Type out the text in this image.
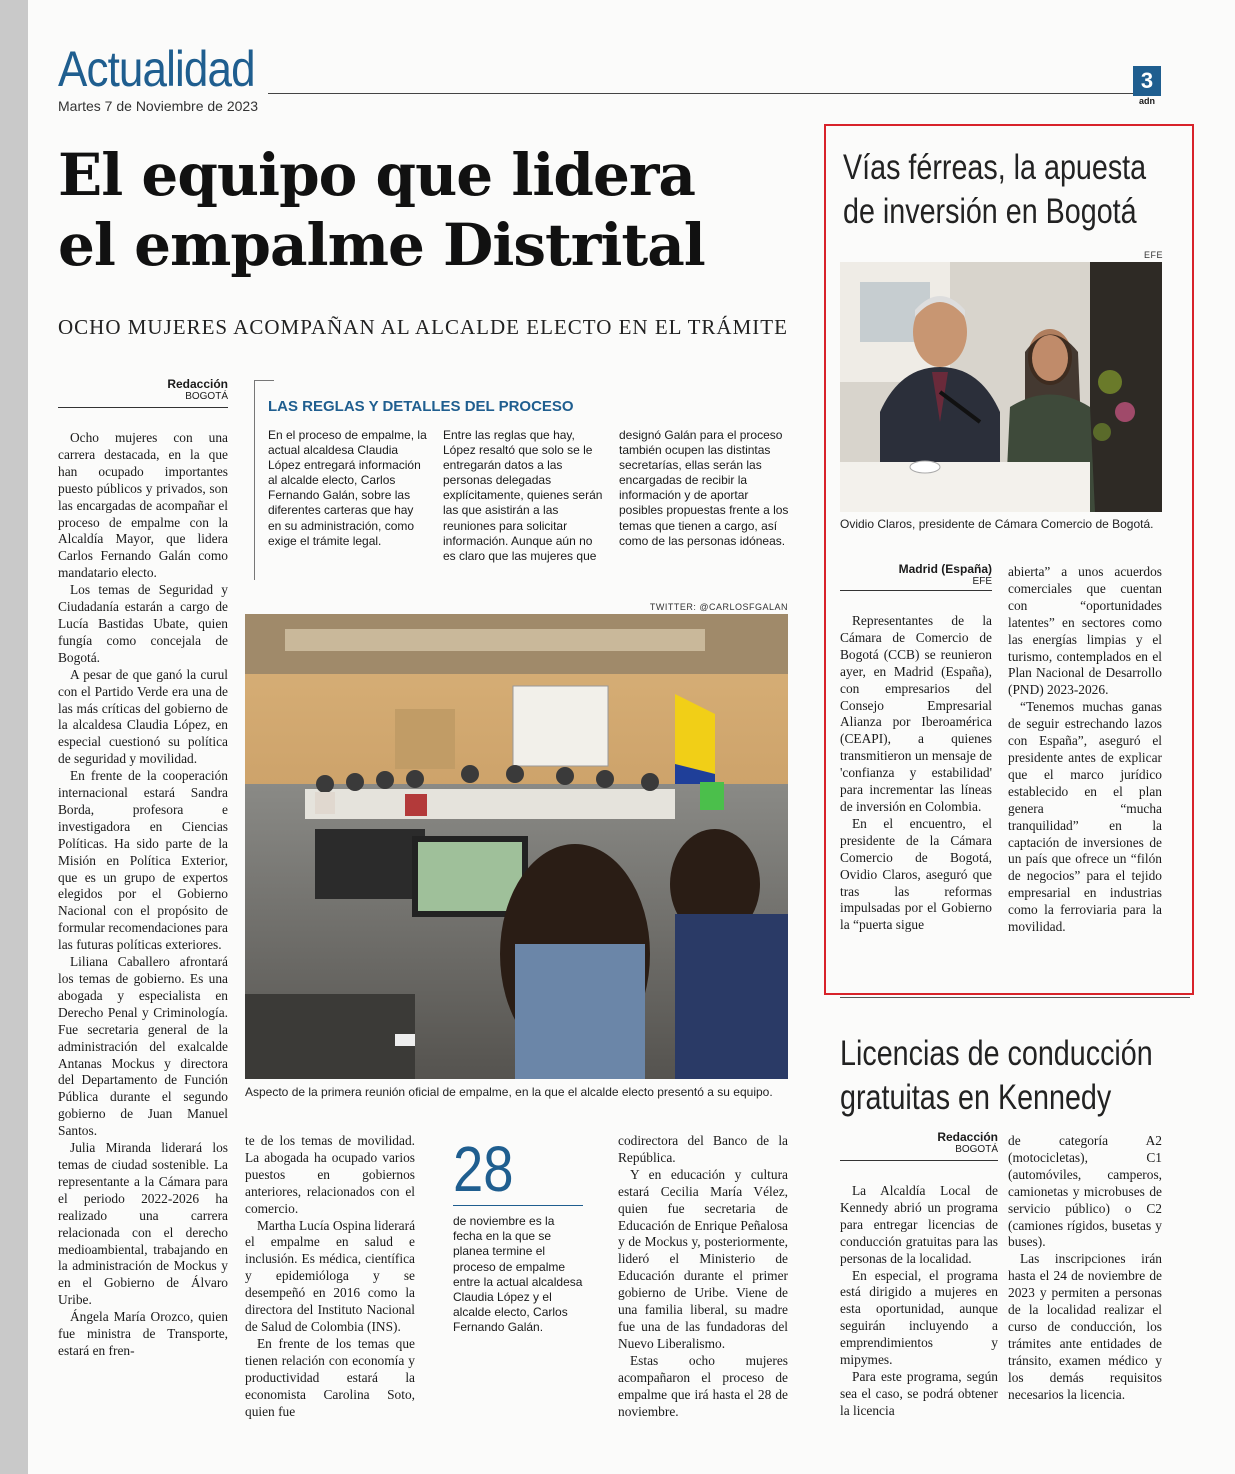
Actualidad
Martes 7 de Noviembre de 2023
3
adn
El equipo que lidera
el empalme Distrital
OCHO MUJERES ACOMPAÑAN AL ALCALDE ELECTO EN EL TRÁMITE
Redacción
BOGOTÁ

Ocho mujeres con una carrera destacada, en la que han ocupado importantes puesto públicos y privados, son las encargadas de acompañar el proceso de empalme con la Alcaldía Mayor, que lidera Carlos Fernando Galán como mandatario electo.

Los temas de Seguridad y Ciudadanía estarán a cargo de Lucía Bastidas Ubate, quien fungía como concejala de Bogotá.

A pesar de que ganó la curul con el Partido Verde era una de las más críticas del gobierno de la alcaldesa Claudia López, en especial cuestionó su política de seguridad y movilidad.

En frente de la cooperación internacional estará Sandra Borda, profesora e investigadora en Ciencias Políticas. Ha sido parte de la Misión en Política Exterior, que es un grupo de expertos elegidos por el Gobierno Nacional con el propósito de formular recomendaciones para las futuras políticas exteriores.

Liliana Caballero afrontará los temas de gobierno. Es una abogada y especialista en Derecho Penal y Criminología. Fue secretaria general de la administración del exalcalde Antanas Mockus y directora del Departamento de Función Pública durante el segundo gobierno de Juan Manuel Santos.

Julia Miranda liderará los temas de ciudad sostenible. La representante a la Cámara para el periodo 2022-2026 ha realizado una carrera relacionada con el derecho medioambiental, trabajando en la administración de Mockus y en el Gobierno de Álvaro Uribe.

Ángela María Orozco, quien fue ministra de Transporte, estará en fren-

LAS REGLAS Y DETALLES DEL PROCESO
En el proceso de empalme, la actual alcaldesa Claudia López entregará información al alcalde electo, Carlos Fernando Galán, sobre las diferentes carteras que hay en su administración, como exige el trámite legal.
Entre las reglas que hay, López resaltó que solo se le entregarán datos a las personas delegadas explícitamente, quienes serán las que asistirán a las reuniones para solicitar información. Aunque aún no es claro que las mujeres que
designó Galán para el proceso también ocupen las distintas secretarías, ellas serán las encargadas de recibir la información y de aportar posibles propuestas frente a los temas que tienen a cargo, así como de las personas idóneas.
TWITTER: @CARLOSFGALAN
Aspecto de la primera reunión oficial de empalme, en la que el alcalde electo presentó a su equipo.

te de los temas de movilidad. La abogada ha ocupado varios puestos en gobiernos anteriores, relacionados con el comercio.

Martha Lucía Ospina liderará el empalme en salud e inclusión. Es médica, científica y epidemióloga y se desempeñó en 2016 como la directora del Instituto Nacional de Salud de Colombia (INS).

En frente de los temas que tienen relación con economía y productividad estará la economista Carolina Soto, quien fue

28
de noviembre es la fecha en la que se planea termine el proceso de empalme entre la actual alcaldesa Claudia López y el alcalde electo, Carlos Fernando Galán.

codirectora del Banco de la República.

Y en educación y cultura estará Cecilia María Vélez, quien fue secretaria de Educación de Enrique Peñalosa y de Mockus y, posteriormente, lideró el Ministerio de Educación durante el primer gobierno de Uribe. Viene de una familia liberal, su madre fue una de las fundadoras del Nuevo Liberalismo.

Estas ocho mujeres acompañaron el proceso de empalme que irá hasta el 28 de noviembre.

Vías férreas, la apuesta
de inversión en Bogotá
EFE
Ovidio Claros, presidente de Cámara Comercio de Bogotá.
Madrid (España)
EFE

Representantes de la Cámara de Comercio de Bogotá (CCB) se reunieron ayer, en Madrid (España), con empresarios del Consejo Empresarial Alianza por Iberoamérica (CEAPI), a quienes transmitieron un mensaje de 'confianza y estabilidad' para incrementar las líneas de inversión en Colombia.

En el encuentro, el presidente de la Cámara Comercio de Bogotá, Ovidio Claros, aseguró que tras las reformas impulsadas por el Gobierno la “puerta sigue

abierta” a unos acuerdos comerciales que cuentan con “oportunidades latentes” en sectores como las energías limpias y el turismo, contemplados en el Plan Nacional de Desarrollo (PND) 2023-2026.

“Tenemos muchas ganas de seguir estrechando lazos con España”, aseguró el presidente antes de explicar que el marco jurídico establecido en el plan genera “mucha tranquilidad” en la captación de inversiones de un país que ofrece un “filón de negocios” para el tejido empresarial en industrias como la ferroviaria para la movilidad.

Licencias de conducción
gratuitas en Kennedy
Redacción
BOGOTÁ

La Alcaldía Local de Kennedy abrió un programa para entregar licencias de conducción gratuitas para las personas de la localidad.

En especial, el programa está dirigido a mujeres en esta oportunidad, aunque seguirán incluyendo a emprendimientos y mipymes.

Para este programa, según sea el caso, se podrá obtener la licencia

de categoría A2 (motocicletas), C1 (automóviles, camperos, camionetas y microbuses de servicio público) o C2 (camiones rígidos, busetas y buses).

Las inscripciones irán hasta el 24 de noviembre de 2023 y permiten a personas de la localidad realizar el curso de conducción, los trámites ante entidades de tránsito, examen médico y los demás requisitos necesarios la licencia.
